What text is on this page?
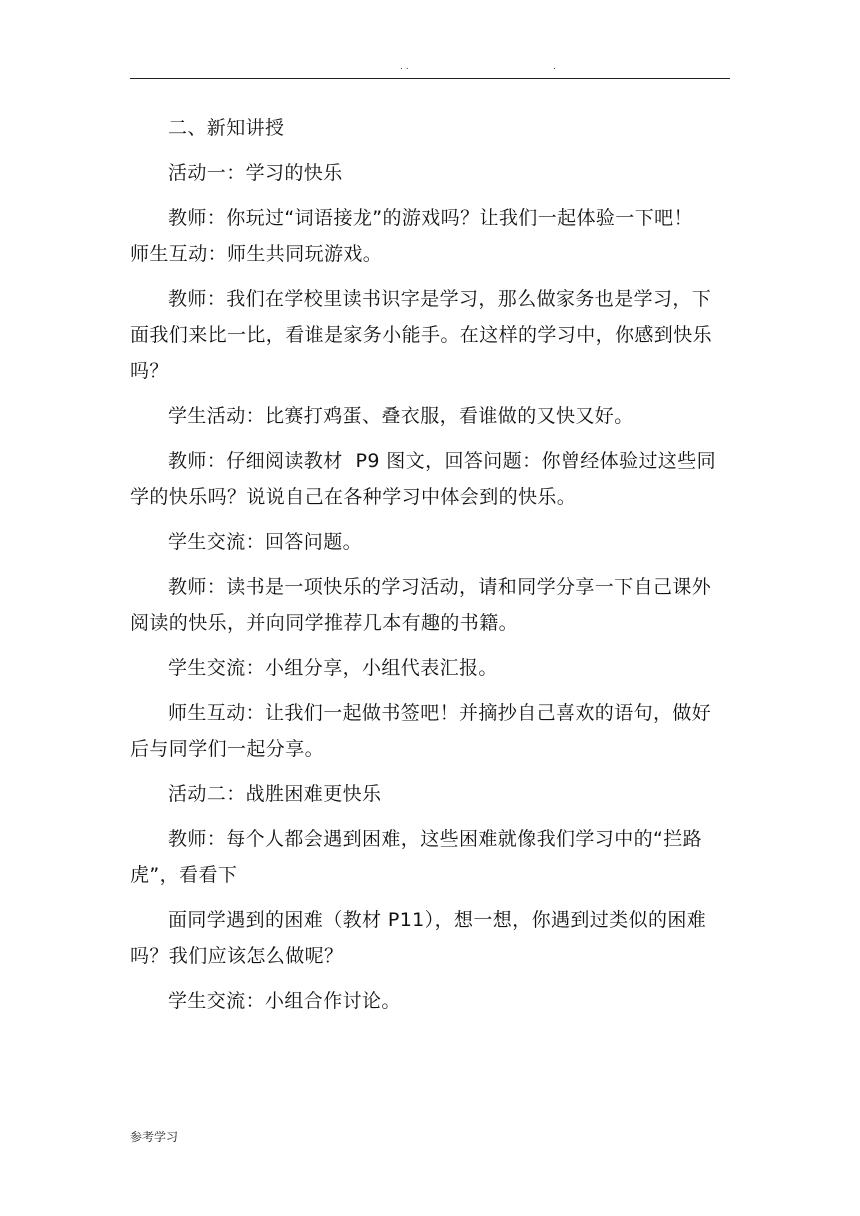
. .	.

二、新知讲授

活动一：学习的快乐

教师：你玩过“词语接龙”的游戏吗？让我们一起体验一下吧！

师生互动：师生共同玩游戏。

教师：我们在学校里读书识字是学习，那么做家务也是学习，下面我们来比一比，看谁是家务小能手。在这样的学习中，你感到快乐吗？

学生活动：比赛打鸡蛋、叠衣服，看谁做的又快又好。

教师：仔细阅读教材  P9 图文，回答问题：你曾经体验过这些同学的快乐吗？说说自己在各种学习中体会到的快乐。

学生交流：回答问题。

教师：读书是一项快乐的学习活动，请和同学分享一下自己课外阅读的快乐，并向同学推荐几本有趣的书籍。

学生交流：小组分享，小组代表汇报。

师生互动：让我们一起做书签吧！并摘抄自己喜欢的语句，做好后与同学们一起分享。

活动二：战胜困难更快乐

教师：每个人都会遇到困难，这些困难就像我们学习中的“拦路虎”，看看下

面同学遇到的困难（教材 P11），想一想，你遇到过类似的困难吗？我们应该怎么做呢？

学生交流：小组合作讨论。

参考学习
